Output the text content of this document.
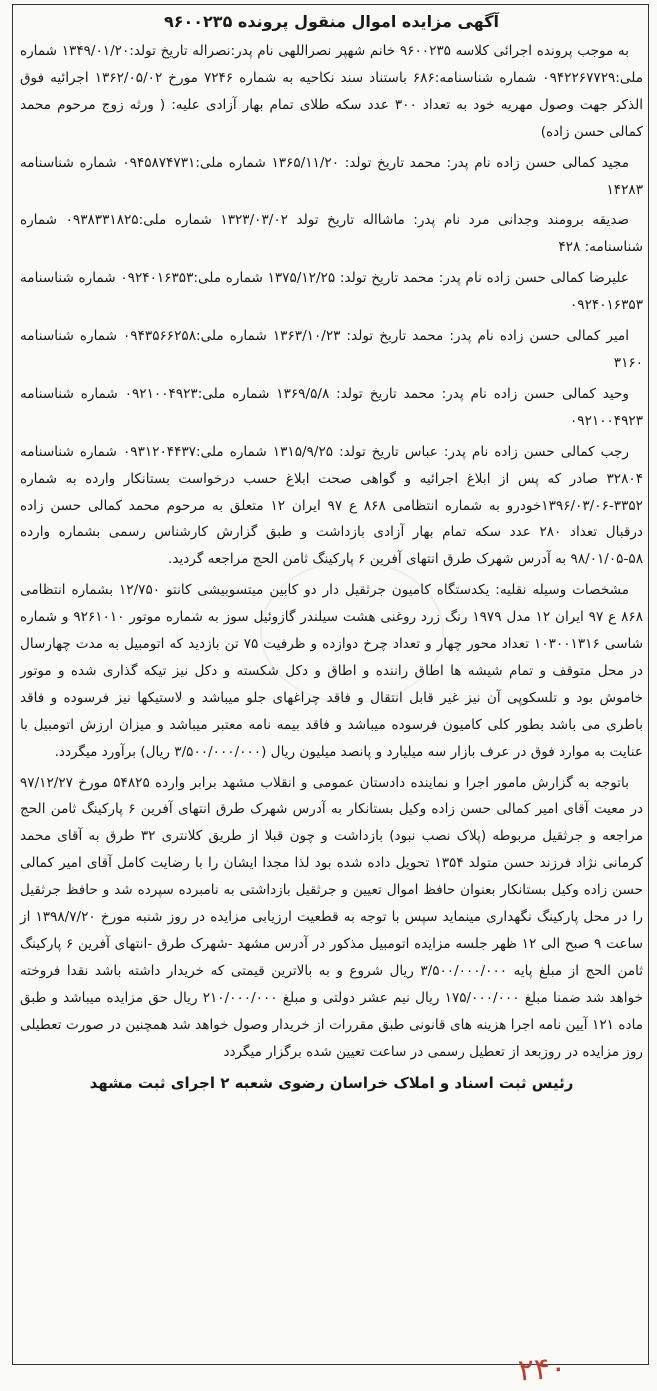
آگهی مزایده اموال منقول پرونده ۹۶۰۰۲۳۵

به موجب پرونده اجرائی کلاسه ۹۶۰۰۲۳۵ خانم شهپر نصراللهی نام پدر:نصراله تاریخ تولد:۱۳۴۹/۰۱/۲۰ شماره ملی:۰۹۴۲۲۶۷۷۲۹ شماره شناسنامه:۶۸۶ باستناد سند نکاحیه به شماره ۷۲۴۶ مورخ ۱۳۶۲/۰۵/۰۲ اجرائیه فوق الذکر جهت وصول مهریه خود به تعداد ۳۰۰ عدد سکه طلای تمام بهار آزادی علیه: ( ورثه زوج مرحوم محمد کمالی حسن زاده)

مجید کمالی حسن زاده نام پدر: محمد تاریخ تولد: ۱۳۶۵/۱۱/۲۰ شماره ملی:۰۹۴۵۸۷۴۷۳۱ شماره شناسنامه ۱۴۲۸۳

صدیقه برومند وجدانی مرد نام پدر: ماشااله تاریخ تولد ۱۳۲۳/۰۳/۰۲ شماره ملی:۰۹۳۸۳۳۱۸۲۵ شماره شناسنامه: ۴۲۸

علیرضا کمالی حسن زاده نام پدر: محمد تاریخ تولد: ۱۳۷۵/۱۲/۲۵ شماره ملی:۰۹۲۴۰۱۶۳۵۳ شماره شناسنامه ۰۹۲۴۰۱۶۳۵۳

امیر کمالی حسن زاده نام پدر: محمد تاریخ تولد: ۱۳۶۳/۱۰/۲۳ شماره ملی:۰۹۴۳۵۶۶۲۵۸ شماره شناسنامه ۳۱۶۰

وحید کمالی حسن زاده نام پدر: محمد تاریخ تولد: ۱۳۶۹/۵/۸ شماره ملی:۰۹۲۱۰۰۴۹۲۳ شماره شناسنامه ۰۹۲۱۰۰۴۹۲۳

رجب کمالی حسن زاده نام پدر: عباس تاریخ تولد: ۱۳۱۵/۹/۲۵ شماره ملی:۰۹۳۱۲۰۴۴۳۷ شماره شناسنامه ۳۲۸۰۴ صادر که پس از ابلاغ اجرائیه و گواهی صحت ابلاغ حسب درخواست بستانکار وارده به شماره ۳۳۵۲-۱۳۹۶/۰۳/۰۶خودرو به شماره انتظامی ۸۶۸ ع ۹۷ ایران ۱۲ متعلق به مرحوم محمد کمالی حسن زاده درقبال تعداد ۲۸۰ عدد سکه تمام بهار آزادی بازداشت و طبق گزارش کارشناس رسمی بشماره وارده ۵۸-۹۸/۰۱/۰۵ به آدرس شهرک طرق انتهای آفرین ۶ پارکینگ ثامن الحج مراجعه گردید.

مشخصات وسیله نقلیه: یکدستگاه کامیون جرثقیل دار دو کابین میتسوبیشی کانتو ۱۲/۷۵۰ بشماره انتظامی ۸۶۸ ع ۹۷ ایران ۱۲ مدل ۱۹۷۹ رنگ زرد روغنی هشت سیلندر گازوئیل سوز به شماره موتور ۹۲۶۱۰۱۰ و شماره شاسی ۱۰۳۰۰۱۳۱۶ تعداد محور چهار و تعداد چرخ دوازده و ظرفیت ۷۵ تن بازدید که اتومبیل به مدت چهارسال در محل متوقف و تمام شیشه ها اطاق راننده و اطاق و دکل شکسته و دکل نیز تیکه گذاری شده و موتور خاموش بود و تلسکوپی آن نیز غیر قابل انتقال و فاقد چراغهای جلو میباشد و لاستیکها نیز فرسوده و فاقد باطری می باشد بطور کلی کامیون فرسوده میباشد و فاقد بیمه نامه معتبر میباشد و میزان ارزش اتومبیل با عنایت به موارد فوق در عرف بازار سه میلیارد و پانصد میلیون ریال (۳/۵۰۰/۰۰۰/۰۰۰ ریال) برآورد میگردد.

باتوجه به گزارش مامور اجرا و نماینده دادستان عمومی و انقلاب مشهد برابر وارده ۵۴۸۲۵ مورخ ۹۷/۱۲/۲۷ در معیت آقای امیر کمالی حسن زاده وکیل بستانکار به آدرس شهرک طرق انتهای آفرین ۶ پارکینگ ثامن الحج مراجعه و جرثقیل مربوطه (پلاک نصب نبود) بازداشت و چون قبلا از طریق کلانتری ۳۲ طرق به آقای محمد کرمانی نژاد فرزند حسن متولد ۱۳۵۴ تحویل داده شده بود لذا مجدا ایشان را با رضایت کامل آقای امیر کمالی حسن زاده وکیل بستانکار بعنوان حافظ اموال تعیین و جرثقیل بازداشتی به نامبرده سپرده شد و حافظ جرثقیل را در محل پارکینگ نگهداری مینماید سپس با توجه به قطعیت ارزیابی مزایده در روز شنبه مورخ ۱۳۹۸/۷/۲۰ از ساعت ۹ صبح الی ۱۲ ظهر جلسه مزایده اتومبیل مذکور در آدرس مشهد -شهرک طرق -انتهای آفرین ۶ پارکینگ ثامن الحج از مبلغ پایه ۳/۵۰۰/۰۰۰/۰۰۰ ریال شروع و به بالاترین قیمتی که خریدار داشته باشد نقدا فروخته خواهد شد ضمنا مبلغ ۱۷۵/۰۰۰/۰۰۰ ریال نیم عشر دولتی و مبلغ ۲۱۰/۰۰۰/۰۰۰ ریال حق مزایده میباشد و طبق ماده ۱۲۱ آیین نامه اجرا هزینه های قانونی طبق مقررات از خریدار وصول خواهد شد همچنین در صورت تعطیلی روز مزایده در روزبعد از تعطیل رسمی در ساعت تعیین شده برگزار میگردد

رئیس ثبت اسناد و املاک خراسان رضوی شعبه ۲ اجرای ثبت مشهد
۲۴۰
